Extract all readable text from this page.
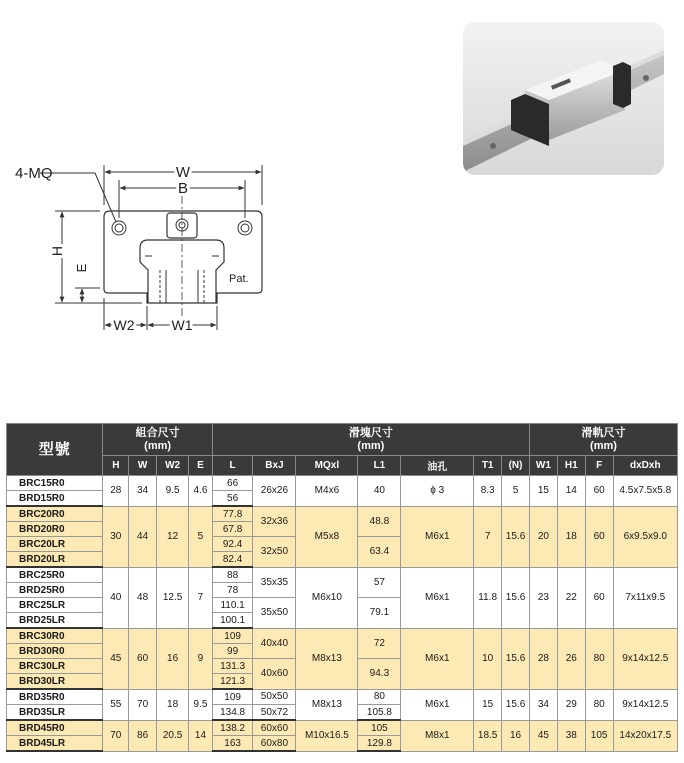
4-MQ	W
B
H
E
W2	W1
Pat.
型號	組合尺寸
(mm)				滑塊尺寸
(mm)							滑軌尺寸
(mm)			
	H	W	W2	E	L	BxJ	MQxl	L1	油孔	T1	(N)	W1	H1	F	dxDxh
BRC15R0	28	34	9.5	4.6	66	26x26	M4x6	40	ϕ 3	8.3	5	15	14	60	4.5x7.5x5.8
BRD15R0					56										
BRC20R0	30	44	12	5	77.8	32x36	M5x8	48.8	M6x1	7	15.6	20	18	60	6x9.5x9.0
BRD20R0					67.8										
BRC20LR					92.4	32x50		63.4							
BRD20LR					82.4										
BRC25R0	40	48	12.5	7	88	35x35	M6x10	57	M6x1	11.8	15.6	23	22	60	7x11x9.5
BRD25R0					78										
BRC25LR					110.1	35x50		79.1							
BRD25LR					100.1										
BRC30R0	45	60	16	9	109	40x40	M8x13	72	M6x1	10	15.6	28	26	80	9x14x12.5
BRD30R0					99										
BRC30LR					131.3	40x60		94.3							
BRD30LR					121.3										
BRD35R0	55	70	18	9.5	109	50x50	M8x13	80	M6x1	15	15.6	34	29	80	9x14x12.5
BRD35LR					134.8	50x72		105.8							
BRD45R0	70	86	20.5	14	138.2	60x60	M10x16.5	105	M8x1	18.5	16	45	38	105	14x20x17.5
BRD45LR					163	60x80		129.8							
